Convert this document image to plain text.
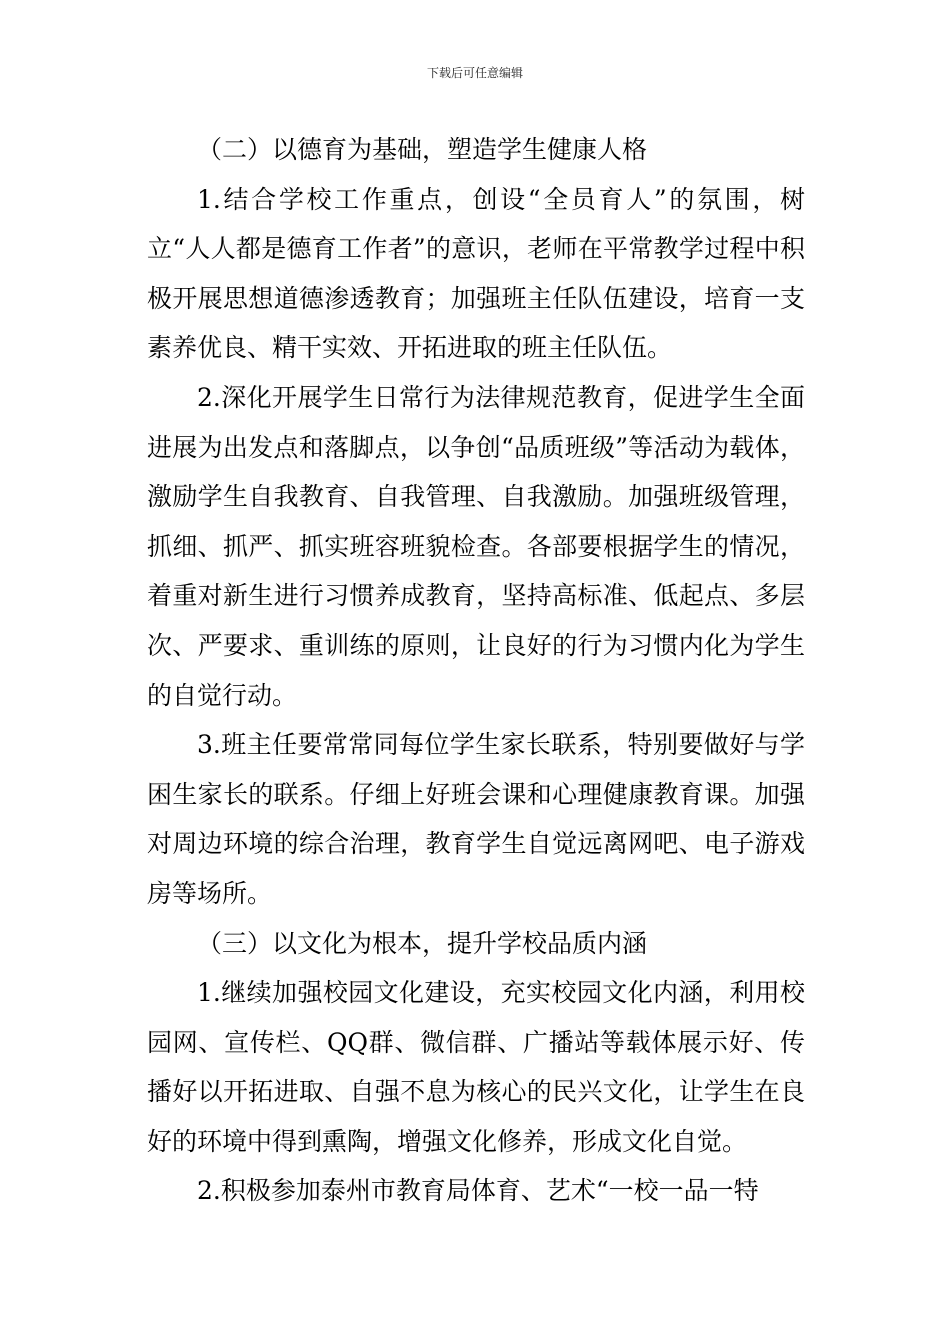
下载后可任意编辑

（二）以德育为基础，塑造学生健康人格

1.结合学校工作重点，创设“全员育人”的氛围，树立“人人都是德育工作者”的意识，老师在平常教学过程中积极开展思想道德渗透教育；加强班主任队伍建设，培育一支素养优良、精干实效、开拓进取的班主任队伍。

2.深化开展学生日常行为法律规范教育，促进学生全面进展为出发点和落脚点，以争创“品质班级”等活动为载体，激励学生自我教育、自我管理、自我激励。加强班级管理，抓细、抓严、抓实班容班貌检查。各部要根据学生的情况，着重对新生进行习惯养成教育，坚持高标准、低起点、多层次、严要求、重训练的原则，让良好的行为习惯内化为学生的自觉行动。

3.班主任要常常同每位学生家长联系，特别要做好与学困生家长的联系。仔细上好班会课和心理健康教育课。加强对周边环境的综合治理，教育学生自觉远离网吧、电子游戏房等场所。

（三）以文化为根本，提升学校品质内涵

1.继续加强校园文化建设，充实校园文化内涵，利用校园网、宣传栏、QQ群、微信群、广播站等载体展示好、传播好以开拓进取、自强不息为核心的民兴文化，让学生在良好的环境中得到熏陶，增强文化修养，形成文化自觉。

2.积极参加泰州市教育局体育、艺术“一校一品一特
